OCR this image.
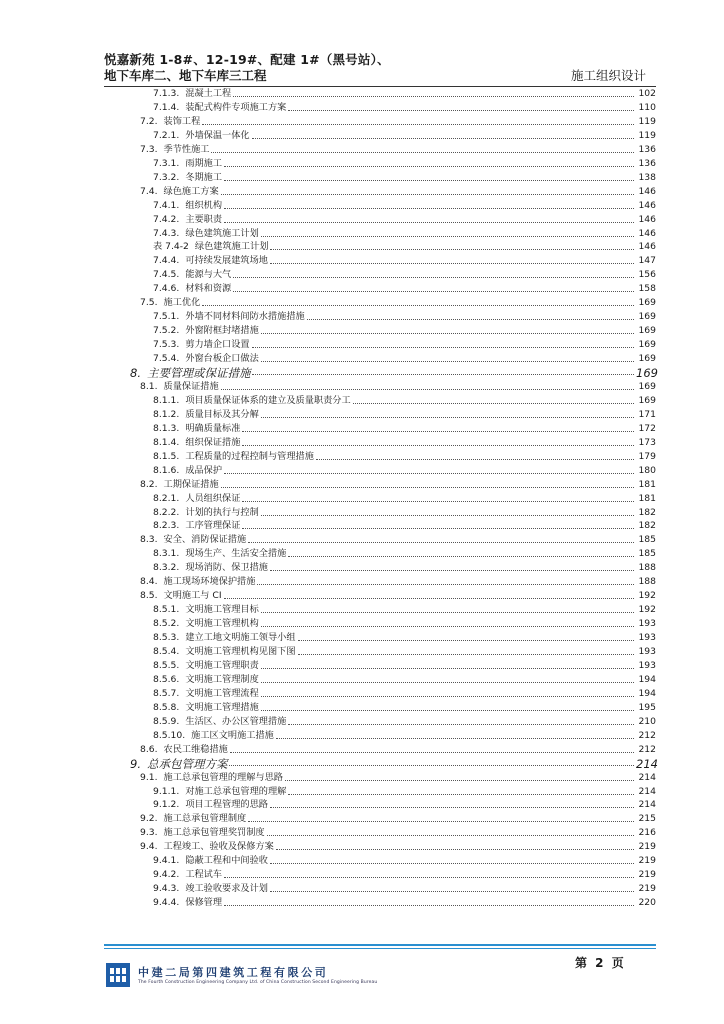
悦嘉新苑 1-8#、12-19#、配建 1#（黑号站）、
地下车库二、地下车库三工程	施工组织设计
7.1.3. 混凝土工程	102
7.1.4. 装配式构件专项施工方案	110
7.2. 装饰工程	119
7.2.1. 外墙保温一体化	119
7.3. 季节性施工	136
7.3.1. 雨期施工	136
7.3.2. 冬期施工	138
7.4. 绿色施工方案	146
7.4.1. 组织机构	146
7.4.2. 主要职责	146
7.4.3. 绿色建筑施工计划	146
表 7.4-2 绿色建筑施工计划	146
7.4.4. 可持续发展建筑场地	147
7.4.5. 能源与大气	156
7.4.6. 材料和资源	158
7.5. 施工优化	169
7.5.1. 外墙不同材料间防水措施措施	169
7.5.2. 外窗附框封堵措施	169
7.5.3. 剪力墙企口设置	169
7.5.4. 外窗台板企口做法	169
8. 主要管理或保证措施	169
8.1. 质量保证措施	169
8.1.1. 项目质量保证体系的建立及质量职责分工	169
8.1.2. 质量目标及其分解	171
8.1.3. 明确质量标准	172
8.1.4. 组织保证措施	173
8.1.5. 工程质量的过程控制与管理措施	179
8.1.6. 成品保护	180
8.2. 工期保证措施	181
8.2.1. 人员组织保证	181
8.2.2. 计划的执行与控制	182
8.2.3. 工序管理保证	182
8.3. 安全、消防保证措施	185
8.3.1. 现场生产、生活安全措施	185
8.3.2. 现场消防、保卫措施	188
8.4. 施工现场环境保护措施	188
8.5. 文明施工与 CI	192
8.5.1. 文明施工管理目标	192
8.5.2. 文明施工管理机构	193
8.5.3. 建立工地文明施工领导小组	193
8.5.4. 文明施工管理机构见图下图	193
8.5.5. 文明施工管理职责	193
8.5.6. 文明施工管理制度	194
8.5.7. 文明施工管理流程	194
8.5.8. 文明施工管理措施	195
8.5.9. 生活区、办公区管理措施	210
8.5.10. 施工区文明施工措施	212
8.6. 农民工维稳措施	212
9. 总承包管理方案	214
9.1. 施工总承包管理的理解与思路	214
9.1.1. 对施工总承包管理的理解	214
9.1.2. 项目工程管理的思路	214
9.2. 施工总承包管理制度	215
9.3. 施工总承包管理奖罚制度	216
9.4. 工程竣工、验收及保修方案	219
9.4.1. 隐蔽工程和中间验收	219
9.4.2. 工程试车	219
9.4.3. 竣工验收要求及计划	219
9.4.4. 保修管理	220
第 2 页
中建二局第四建筑工程有限公司
The Fourth Construction Engineering Company Ltd. of China Construction Second Engineering Bureau
